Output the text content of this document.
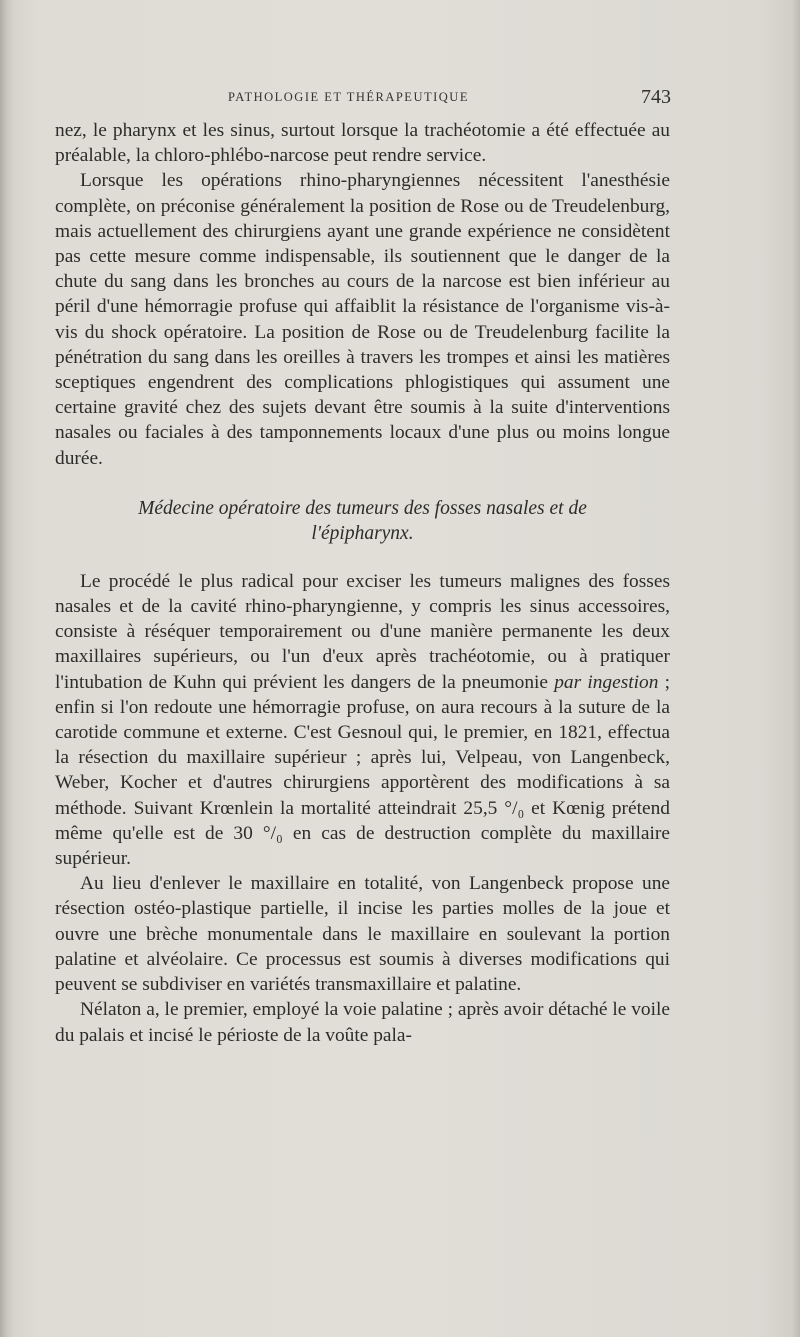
PATHOLOGIE ET THÉRAPEUTIQUE	743

nez, le pharynx et les sinus, surtout lorsque la trachéotomie a été effectuée au préalable, la chloro-phlébo-narcose peut rendre service.

Lorsque les opérations rhino-pharyngiennes nécessitent l'anesthésie complète, on préconise généralement la position de Rose ou de Treudelenburg, mais actuellement des chirurgiens ayant une grande expérience ne considètent pas cette mesure comme indispensable, ils soutiennent que le danger de la chute du sang dans les bronches au cours de la narcose est bien inférieur au péril d'une hémorragie profuse qui affaiblit la résistance de l'organisme vis-à-vis du shock opératoire. La position de Rose ou de Treudelenburg facilite la pénétration du sang dans les oreilles à travers les trompes et ainsi les matières sceptiques engendrent des complications phlogistiques qui assument une certaine gravité chez des sujets devant être soumis à la suite d'interventions nasales ou faciales à des tamponnements locaux d'une plus ou moins longue durée.

Médecine opératoire des tumeurs des fosses nasales et de
l'épipharynx.

Le procédé le plus radical pour exciser les tumeurs malignes des fosses nasales et de la cavité rhino-pharyngienne, y compris les sinus accessoires, consiste à réséquer temporairement ou d'une manière permanente les deux maxillaires supérieurs, ou l'un d'eux après trachéotomie, ou à pratiquer l'intubation de Kuhn qui prévient les dangers de la pneumonie par ingestion ; enfin si l'on redoute une hémorragie profuse, on aura recours à la suture de la carotide commune et externe. C'est Gesnoul qui, le premier, en 1821, effectua la résection du maxillaire supérieur ; après lui, Velpeau, von Langenbeck, Weber, Kocher et d'autres chirurgiens apportèrent des modifications à sa méthode. Suivant Krœnlein la mortalité atteindrait 25,5 °/₀ et Kœnig prétend même qu'elle est de 30 °/₀ en cas de destruction complète du maxillaire supérieur.

Au lieu d'enlever le maxillaire en totalité, von Langenbeck propose une résection ostéo-plastique partielle, il incise les parties molles de la joue et ouvre une brèche monumentale dans le maxillaire en soulevant la portion palatine et alvéolaire. Ce processus est soumis à diverses modifications qui peuvent se subdiviser en variétés transmaxillaire et palatine.

Nélaton a, le premier, employé la voie palatine ; après avoir détaché le voile du palais et incisé le périoste de la voûte pala-
